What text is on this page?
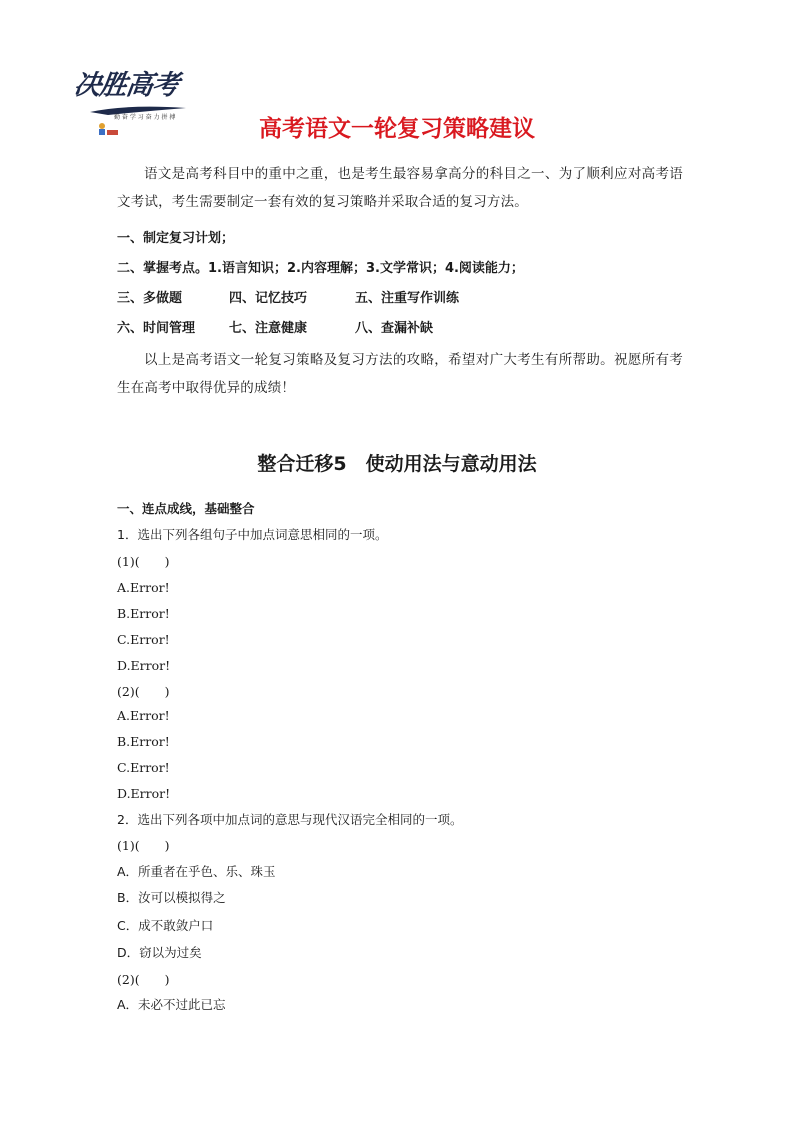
决胜高考
勤 奋 学 习 奋 力 拼 搏	高考语文一轮复习策略建议

语文是高考科目中的重中之重，也是考生最容易拿高分的科目之一、为了顺利应对高考语文考试，考生需要制定一套有效的复习策略并采取合适的复习方法。

一、制定复习计划；
二、掌握考点。1.语言知识；2.内容理解；3.文学常识；4.阅读能力；
三、多做题	四、记忆技巧	五、注重写作训练
六、时间管理	七、注意健康	八、查漏补缺

以上是高考语文一轮复习策略及复习方法的攻略，希望对广大考生有所帮助。祝愿所有考生在高考中取得优异的成绩！

整合迁移5　使动用法与意动用法
一、连点成线，基础整合
1．选出下列各组句子中加点词意思相同的一项。
(1)(　　)
A.Error!
B.Error!
C.Error!
D.Error!
(2)(　　)
A.Error!
B.Error!
C.Error!
D.Error!
2．选出下列各项中加点词的意思与现代汉语完全相同的一项。
(1)(　　)
A．所重者在乎色、乐、珠玉
B．汝可以模拟得之
C．成不敢敛户口
D．窃以为过矣
(2)(　　)
A．未必不过此已忘
